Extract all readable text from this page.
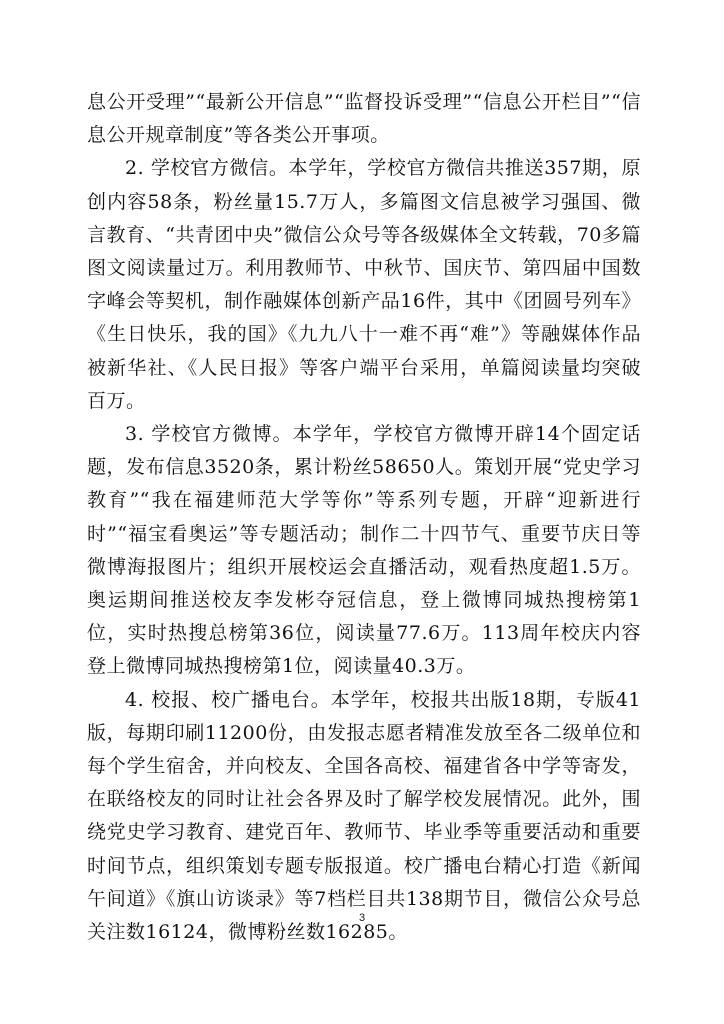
息公开受理”“最新公开信息”“监督投诉受理”“信息公开栏目”“信息公开规章制度”等各类公开事项。

2. 学校官方微信。本学年，学校官方微信共推送357期，原创内容58条，粉丝量15.7万人，多篇图文信息被学习强国、微言教育、“共青团中央”微信公众号等各级媒体全文转载，70多篇图文阅读量过万。利用教师节、中秋节、国庆节、第四届中国数字峰会等契机，制作融媒体创新产品16件，其中《团圆号列车》《生日快乐，我的国》《九九八十一难不再“难”》等融媒体作品被新华社、《人民日报》等客户端平台采用，单篇阅读量均突破百万。

3. 学校官方微博。本学年，学校官方微博开辟14个固定话题，发布信息3520条，累计粉丝58650人。策划开展“党史学习教育”“我在福建师范大学等你”等系列专题，开辟“迎新进行时”“福宝看奥运”等专题活动；制作二十四节气、重要节庆日等微博海报图片；组织开展校运会直播活动，观看热度超1.5万。奥运期间推送校友李发彬夺冠信息，登上微博同城热搜榜第1位，实时热搜总榜第36位，阅读量77.6万。113周年校庆内容登上微博同城热搜榜第1位，阅读量40.3万。

4. 校报、校广播电台。本学年，校报共出版18期，专版41版，每期印刷11200份，由发报志愿者精准发放至各二级单位和每个学生宿舍，并向校友、全国各高校、福建省各中学等寄发，在联络校友的同时让社会各界及时了解学校发展情况。此外，围绕党史学习教育、建党百年、教师节、毕业季等重要活动和重要时间节点，组织策划专题专版报道。校广播电台精心打造《新闻午间道》《旗山访谈录》等7档栏目共138期节目，微信公众号总关注数16124，微博粉丝数16285。

3
